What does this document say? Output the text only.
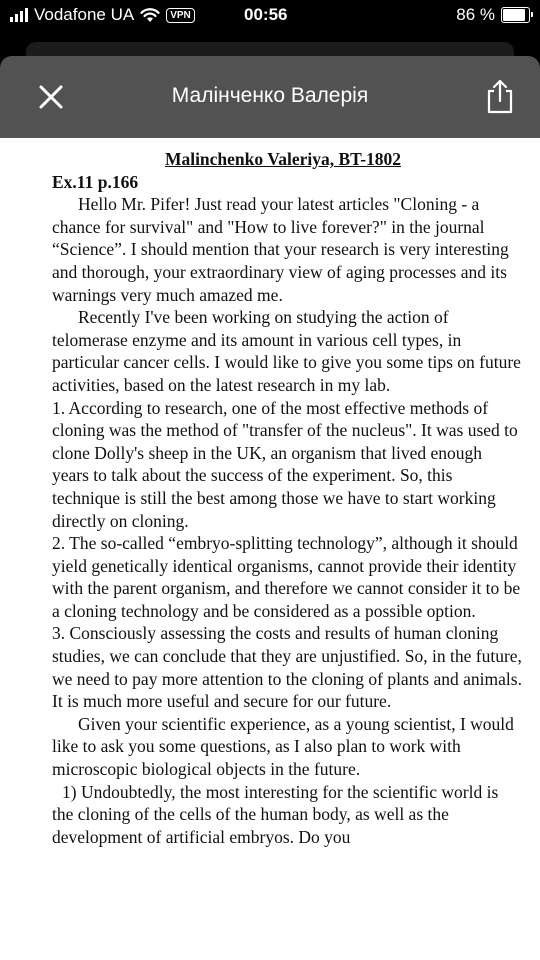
Vodafone UA	VPN	00:56	86 %
Малінченко Валерія
Malinchenko Valeriya, BT-1802
Ex.11 p.166

Hello Mr. Pifer! Just read your latest articles "Cloning - a chance for survival" and "How to live forever?" in the journal “Science”. I should mention that your research is very interesting and thorough, your extraordinary view of aging processes and its warnings very much amazed me.

Recently I've been working on studying the action of telomerase enzyme and its amount in various cell types, in particular cancer cells. I would like to give you some tips on future activities, based on the latest research in my lab.

1. According to research, one of the most effective methods of cloning was the method of "transfer of the nucleus". It was used to clone Dolly's sheep in the UK, an organism that lived enough years to talk about the success of the experiment. So, this technique is still the best among those we have to start working directly on cloning.

2. The so-called “embryo-splitting technology”, although it should yield genetically identical organisms, cannot provide their identity with the parent organism, and therefore we cannot consider it to be a cloning technology and be considered as a possible option.

3. Consciously assessing the costs and results of human cloning studies, we can conclude that they are unjustified. So, in the future, we need to pay more attention to the cloning of plants and animals. It is much more useful and secure for our future.

Given your scientific experience, as a young scientist, I would like to ask you some questions, as I also plan to work with microscopic biological objects in the future.

1) Undoubtedly, the most interesting for the scientific world is the cloning of the cells of the human body, as well as the development of artificial embryos. Do you
